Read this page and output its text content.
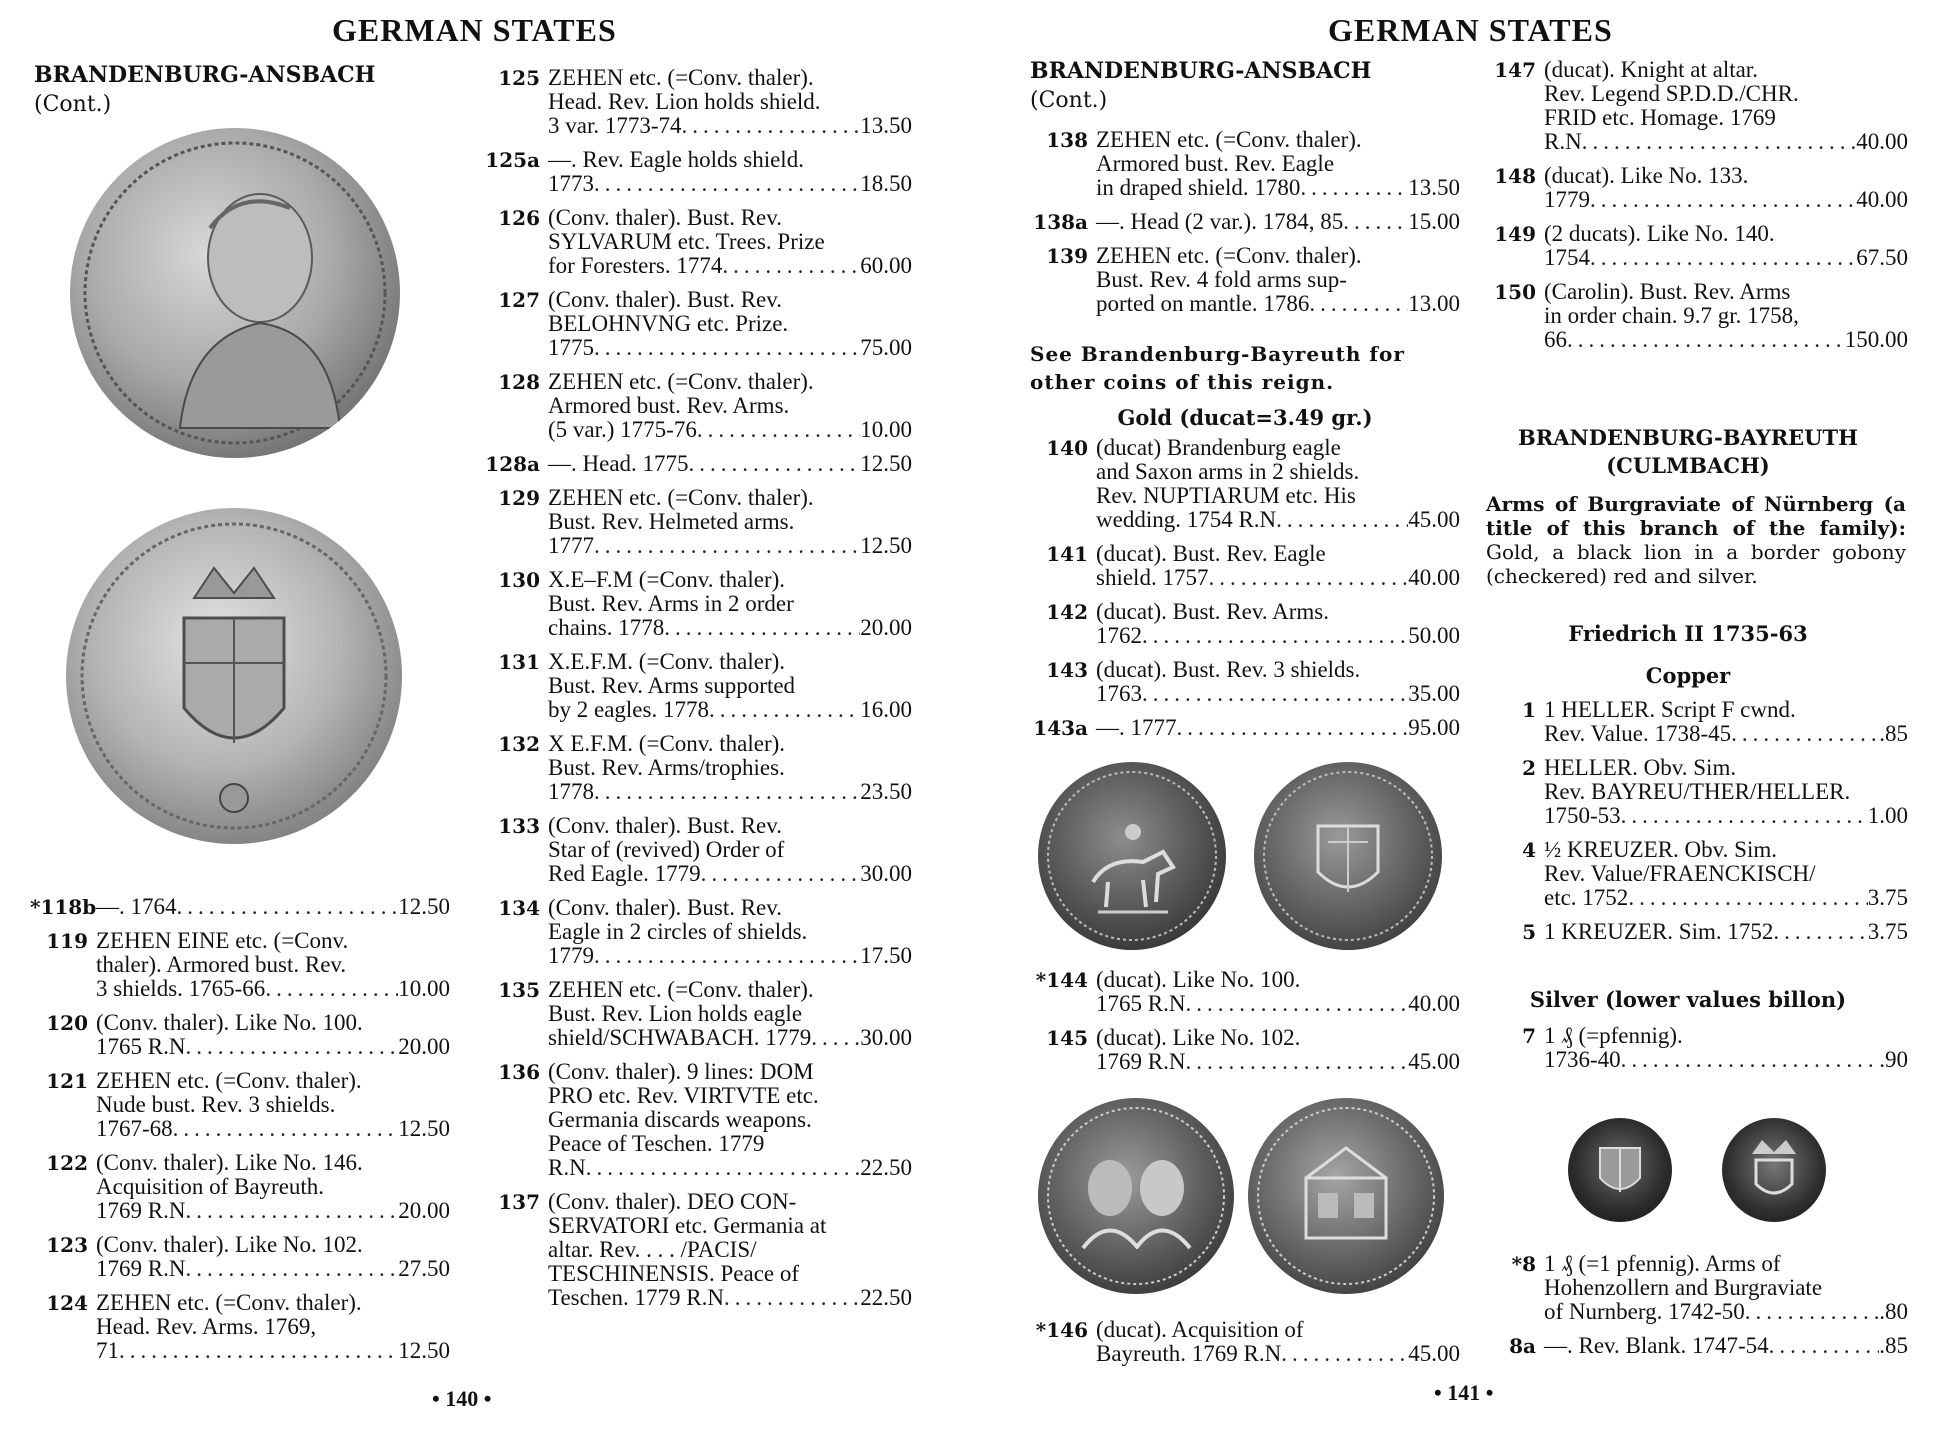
GERMAN STATES
BRANDENBURG-ANSBACH
(Cont.)
*118b —. 1764 .....	12.50
119 ZEHEN EINE etc. (=Conv.
thaler). Armored bust. Rev.
3 shields. 1765-66 .....	10.00
120 (Conv. thaler). Like No. 100.
1765 R.N .....	20.00
121 ZEHEN etc. (=Conv. thaler).
Nude bust. Rev. 3 shields.
1767-68 .....	12.50
122 (Conv. thaler). Like No. 146.
Acquisition of Bayreuth.
1769 R.N .....	20.00
123 (Conv. thaler). Like No. 102.
1769 R.N .....	27.50
124 ZEHEN etc. (=Conv. thaler).
Head. Rev. Arms. 1769,
71 .....	12.50
125 ZEHEN etc. (=Conv. thaler).
Head. Rev. Lion holds shield.
3 var. 1773-74 .....	13.50
125a —. Rev. Eagle holds shield.
1773 .....	18.50
126 (Conv. thaler). Bust. Rev.
SYLVARUM etc. Trees. Prize
for Foresters. 1774 .....	60.00
127 (Conv. thaler). Bust. Rev.
BELOHNVNG etc. Prize.
1775 .....	75.00
128 ZEHEN etc. (=Conv. thaler).
Armored bust. Rev. Arms.
(5 var.) 1775-76 .....	10.00
128a —. Head. 1775 .....	12.50
129 ZEHEN etc. (=Conv. thaler).
Bust. Rev. Helmeted arms.
1777 .....	12.50
130 X.E–F.M (=Conv. thaler).
Bust. Rev. Arms in 2 order
chains. 1778 .....	20.00
131 X.E.F.M. (=Conv. thaler).
Bust. Rev. Arms supported
by 2 eagles. 1778 .....	16.00
132 X E.F.M. (=Conv. thaler).
Bust. Rev. Arms/trophies.
1778 .....	23.50
133 (Conv. thaler). Bust. Rev.
Star of (revived) Order of
Red Eagle. 1779 .....	30.00
134 (Conv. thaler). Bust. Rev.
Eagle in 2 circles of shields.
1779 .....	17.50
135 ZEHEN etc. (=Conv. thaler).
Bust. Rev. Lion holds eagle
shield/SCHWABACH. 1779 ..... 30.00
136 (Conv. thaler). 9 lines: DOM
PRO etc. Rev. VIRTVTE etc.
Germania discards weapons.
Peace of Teschen. 1779
R.N .....	22.50
137 (Conv. thaler). DEO CON-
SERVATORI etc. Germania at
altar. Rev. . . . /PACIS/
TESCHINENSIS. Peace of
Teschen. 1779 R.N .....	22.50
• 140 •
GERMAN STATES
BRANDENBURG-ANSBACH
(Cont.)
138 ZEHEN etc. (=Conv. thaler).
Armored bust. Rev. Eagle
in draped shield. 1780 .....	13.50
138a —. Head (2 var.). 1784, 85 .....	15.00
139 ZEHEN etc. (=Conv. thaler).
Bust. Rev. 4 fold arms sup-
ported on mantle. 1786 .....	13.00
See Brandenburg-Bayreuth for
other coins of this reign.
Gold (ducat=3.49 gr.)
140 (ducat) Brandenburg eagle
and Saxon arms in 2 shields.
Rev. NUPTIARUM etc. His
wedding. 1754 R.N .....	45.00
141 (ducat). Bust. Rev. Eagle
shield. 1757 .....	40.00
142 (ducat). Bust. Rev. Arms.
1762 .....	50.00
143 (ducat). Bust. Rev. 3 shields.
1763 .....	35.00
143a —. 1777 .....	95.00
*144 (ducat). Like No. 100.
1765 R.N .....	40.00
145 (ducat). Like No. 102.
1769 R.N .....	45.00
*146 (ducat). Acquisition of
Bayreuth. 1769 R.N .....	45.00
147 (ducat). Knight at altar.
Rev. Legend SP.D.D./CHR.
FRID etc. Homage. 1769
R.N .....	40.00
148 (ducat). Like No. 133.
1779 .....	40.00
149 (2 ducats). Like No. 140.
1754 .....	67.50
150 (Carolin). Bust. Rev. Arms
in order chain. 9.7 gr. 1758,
66 .....	150.00
BRANDENBURG-BAYREUTH
(CULMBACH)
Arms of Burgraviate of Nürnberg (a title of this branch of the family): Gold, a black lion in a border gobony (checkered) red and silver.
Friedrich II 1735-63
Copper
1 1 HELLER. Script F cwnd.
Rev. Value. 1738-45 .....	.85
2 HELLER. Obv. Sim.
Rev. BAYREU/THER/HELLER.
1750-53 .....	1.00
4 ½ KREUZER. Obv. Sim.
Rev. Value/FRAENCKISCH/
etc. 1752 .....	3.75
5 1 KREUZER. Sim. 1752 .....	3.75
Silver (lower values billon)
7 1 ₰ (=pfennig).
1736-40 .....	.90
*8 1 ₰ (=1 pfennig). Arms of
Hohenzollern and Burgraviate
of Nurnberg. 1742-50 .....	.80
8a —. Rev. Blank. 1747-54 .....	.85
• 141 •
